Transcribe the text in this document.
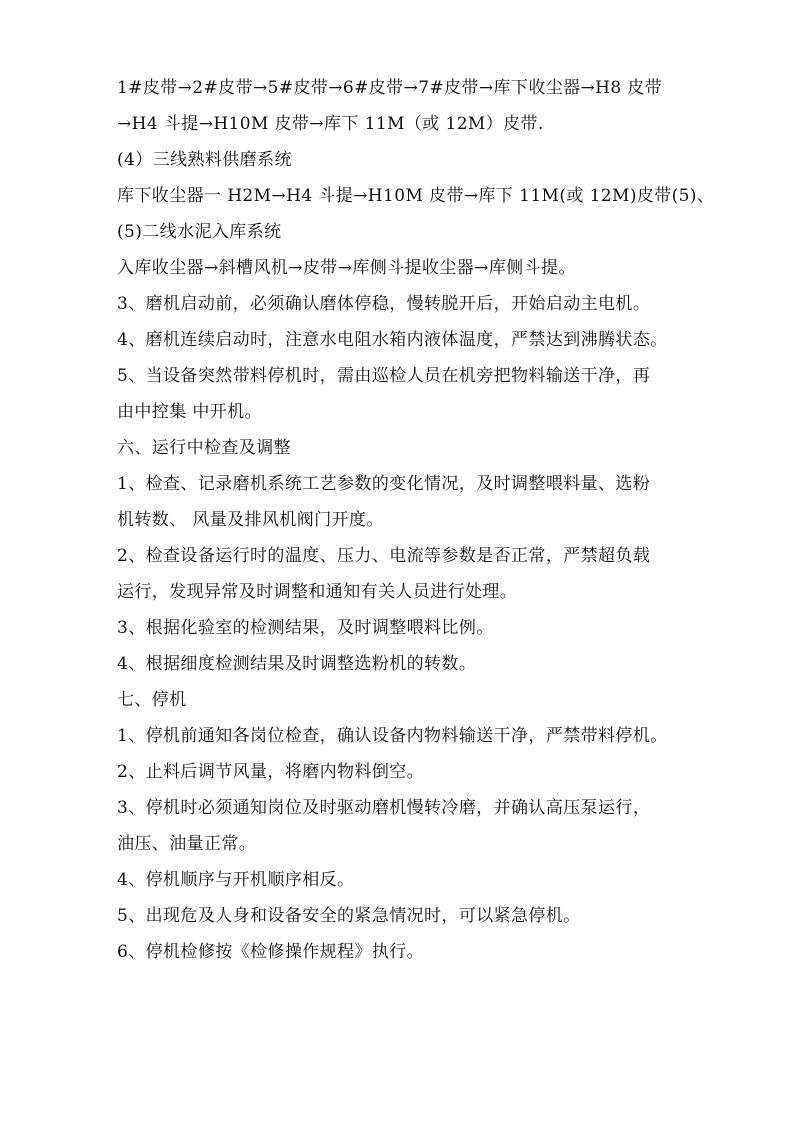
1#皮带→2#皮带→5#皮带→6#皮带→7#皮带→库下收尘器→H8 皮带
→H4 斗提→H10M 皮带→库下 11M（或 12M）皮带.
(4）三线熟料供磨系统
库下收尘器一 H2M→H4 斗提→H10M 皮带→库下 11M(或 12M)皮带(5)、
(5)二线水泥入库系统
入库收尘器→斜槽风机→皮带→库侧斗提收尘器→库侧斗提。
3、磨机启动前，必须确认磨体停稳，慢转脱开后，开始启动主电机。
4、磨机连续启动时，注意水电阻水箱内液体温度，严禁达到沸腾状态。
5、当设备突然带料停机时，需由巡检人员在机旁把物料输送干净，再
由中控集 中开机。
六、运行中检查及调整
1、检查、记录磨机系统工艺参数的变化情况，及时调整喂料量、选粉
机转数、 风量及排风机阀门开度。
2、检查设备运行时的温度、压力、电流等参数是否正常，严禁超负载
运行，发现异常及时调整和通知有关人员进行处理。
3、根据化验室的检测结果，及时调整喂料比例。
4、根据细度检测结果及时调整选粉机的转数。
七、停机
1、停机前通知各岗位检查，确认设备内物料输送干净，严禁带料停机。
2、止料后调节风量，将磨内物料倒空。
3、停机时必须通知岗位及时驱动磨机慢转冷磨，并确认高压泵运行，
油压、油量正常。
4、停机顺序与开机顺序相反。
5、出现危及人身和设备安全的紧急情况时，可以紧急停机。
6、停机检修按《检修操作规程》执行。
